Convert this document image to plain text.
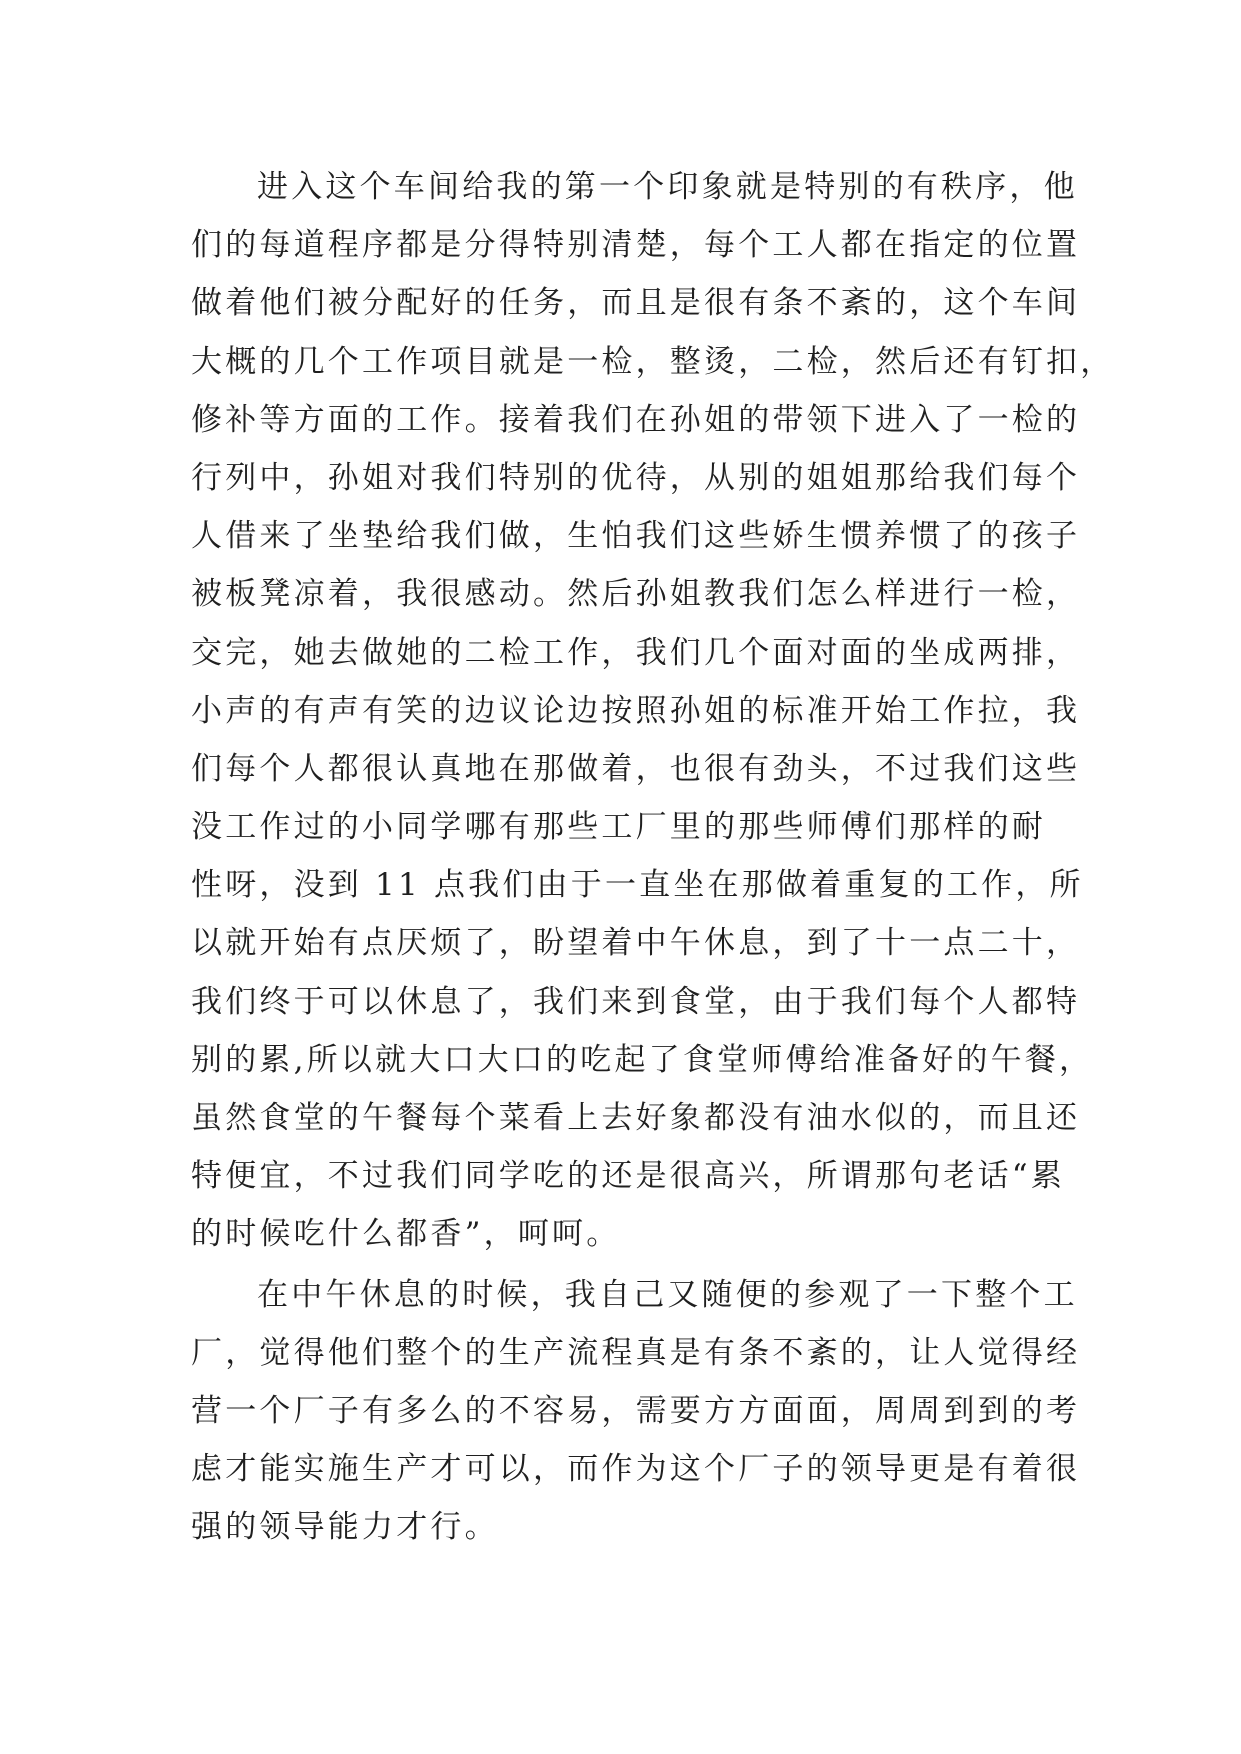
进入这个车间给我的第一个印象就是特别的有秩序，他
们的每道程序都是分得特别清楚，每个工人都在指定的位置
做着他们被分配好的任务，而且是很有条不紊的，这个车间
大概的几个工作项目就是一检，整烫，二检，然后还有钉扣，
修补等方面的工作。接着我们在孙姐的带领下进入了一检的
行列中，孙姐对我们特别的优待，从别的姐姐那给我们每个
人借来了坐垫给我们做，生怕我们这些娇生惯养惯了的孩子
被板凳凉着，我很感动。然后孙姐教我们怎么样进行一检，
交完，她去做她的二检工作，我们几个面对面的坐成两排，
小声的有声有笑的边议论边按照孙姐的标准开始工作拉，我
们每个人都很认真地在那做着，也很有劲头，不过我们这些
没工作过的小同学哪有那些工厂里的那些师傅们那样的耐
性呀，没到 11 点我们由于一直坐在那做着重复的工作，所
以就开始有点厌烦了，盼望着中午休息，到了十一点二十，
我们终于可以休息了，我们来到食堂，由于我们每个人都特
别的累,所以就大口大口的吃起了食堂师傅给准备好的午餐，
虽然食堂的午餐每个菜看上去好象都没有油水似的，而且还
特便宜，不过我们同学吃的还是很高兴，所谓那句老话“累
的时候吃什么都香”，呵呵。
在中午休息的时候，我自己又随便的参观了一下整个工
厂，觉得他们整个的生产流程真是有条不紊的，让人觉得经
营一个厂子有多么的不容易，需要方方面面，周周到到的考
虑才能实施生产才可以，而作为这个厂子的领导更是有着很
强的领导能力才行。
